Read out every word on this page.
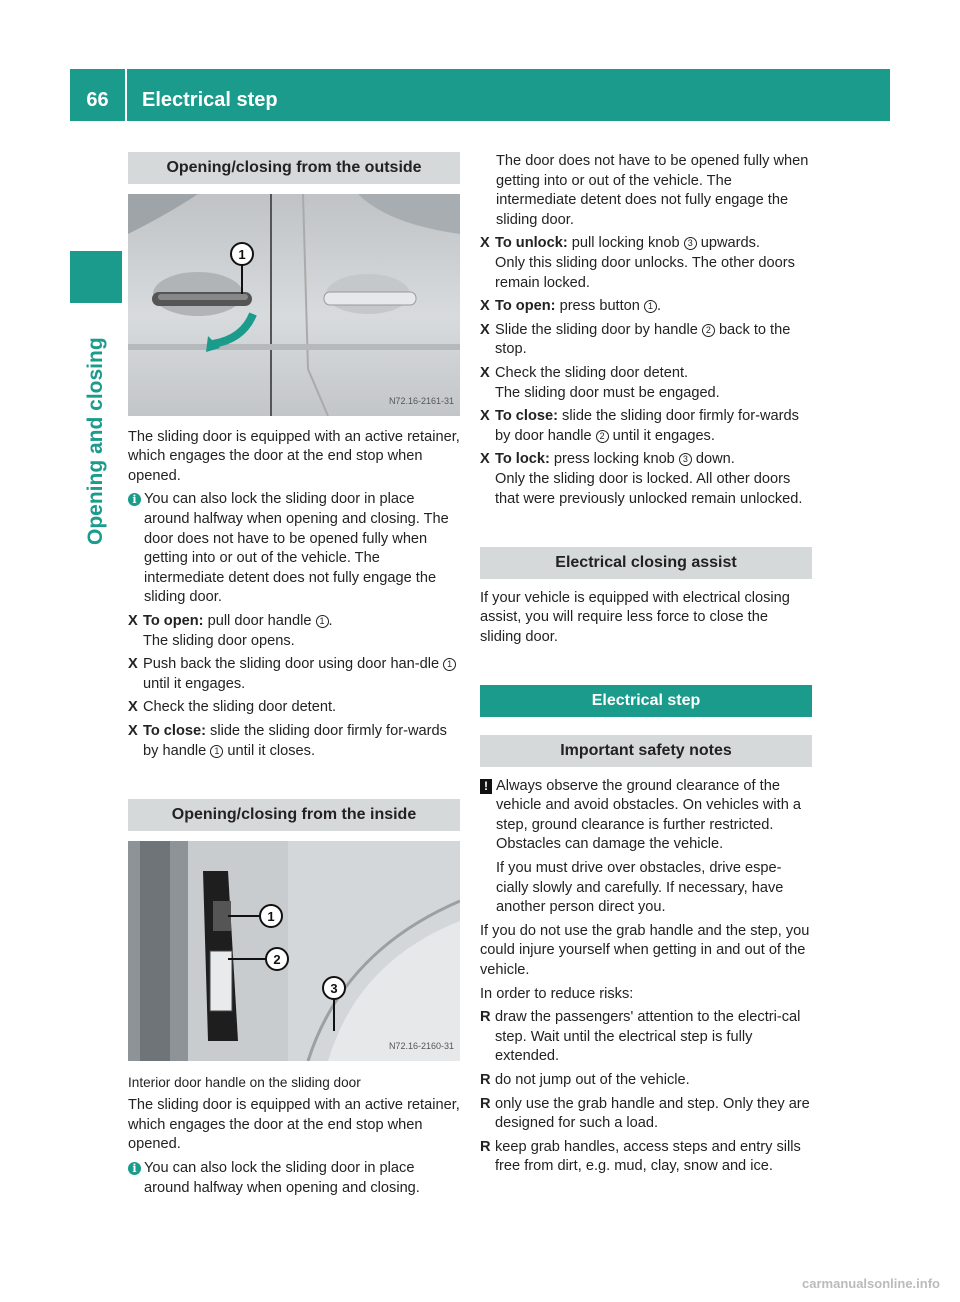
66	Electrical step
Opening and closing
Opening/closing from the outside
1
N72.16-2161-31

The sliding door is equipped with an active retainer, which engages the door at the end stop when opened.

i You can also lock the sliding door in place around halfway when opening and closing. The door does not have to be opened fully when getting into or out of the vehicle. The intermediate detent does not fully engage the sliding door.
X To open: pull door handle 1 .
The sliding door opens.
X Push back the sliding door using door han-dle 1 until it engages.
X Check the sliding door detent.
X To close: slide the sliding door firmly for-wards by handle 1 until it closes.
Opening/closing from the inside
1
2
3
N72.16-2160-31
Interior door handle on the sliding door

The sliding door is equipped with an active retainer, which engages the door at the end stop when opened.

i You can also lock the sliding door in place around halfway when opening and closing.

The door does not have to be opened fully when getting into or out of the vehicle. The intermediate detent does not fully engage the sliding door.

X To unlock: pull locking knob 3 upwards.
Only this sliding door unlocks. The other doors remain locked.
X To open: press button 1 .
X Slide the sliding door by handle 2 back to the stop.
X Check the sliding door detent.
The sliding door must be engaged.
X To close: slide the sliding door firmly for-wards by door handle 2 until it engages.
X To lock: press locking knob 3 down.
Only the sliding door is locked. All other doors that were previously unlocked remain unlocked.
Electrical closing assist

If your vehicle is equipped with electrical closing assist, you will require less force to close the sliding door.

Electrical step
Important safety notes
! Always observe the ground clearance of the vehicle and avoid obstacles. On vehicles with a step, ground clearance is further restricted. Obstacles can damage the vehicle.

If you must drive over obstacles, drive espe-cially slowly and carefully. If necessary, have another person direct you.

If you do not use the grab handle and the step, you could injure yourself when getting in and out of the vehicle.

In order to reduce risks:

R draw the passengers' attention to the electri-cal step. Wait until the electrical step is fully extended.
R do not jump out of the vehicle.
R only use the grab handle and step. Only they are designed for such a load.
R keep grab handles, access steps and entry sills free from dirt, e.g. mud, clay, snow and ice.
carmanualsonline.info
